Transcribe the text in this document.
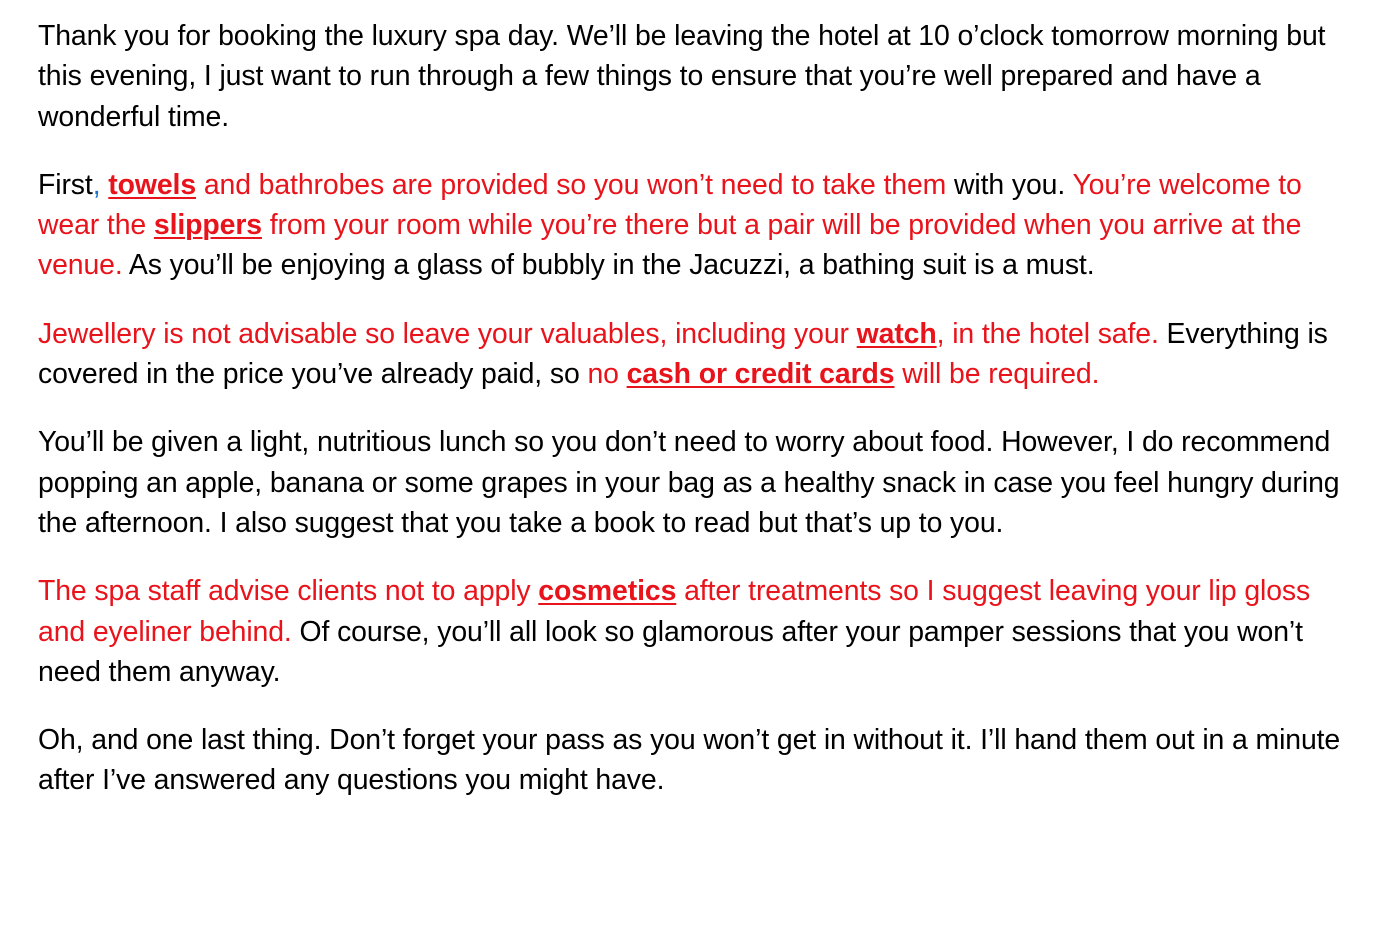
Thank you for booking the luxury spa day. We’ll be leaving the hotel at 10 o’clock tomorrow morning but this evening, I just want to run through a few things to ensure that you’re well prepared and have a wonderful time.

First, towels and bathrobes are provided so you won’t need to take them with you. You’re welcome to wear the slippers from your room while you’re there but a pair will be provided when you arrive at the venue. As you’ll be enjoying a glass of bubbly in the Jacuzzi, a bathing suit is a must.

Jewellery is not advisable so leave your valuables, including your watch, in the hotel safe. Everything is covered in the price you’ve already paid, so no cash or credit cards will be required.

You’ll be given a light, nutritious lunch so you don’t need to worry about food. However, I do recommend popping an apple, banana or some grapes in your bag as a healthy snack in case you feel hungry during the afternoon. I also suggest that you take a book to read but that’s up to you.

The spa staff advise clients not to apply cosmetics after treatments so I suggest leaving your lip gloss and eyeliner behind. Of course, you’ll all look so glamorous after your pamper sessions that you won’t need them anyway.

Oh, and one last thing. Don’t forget your pass as you won’t get in without it. I’ll hand them out in a minute after I’ve answered any questions you might have.
